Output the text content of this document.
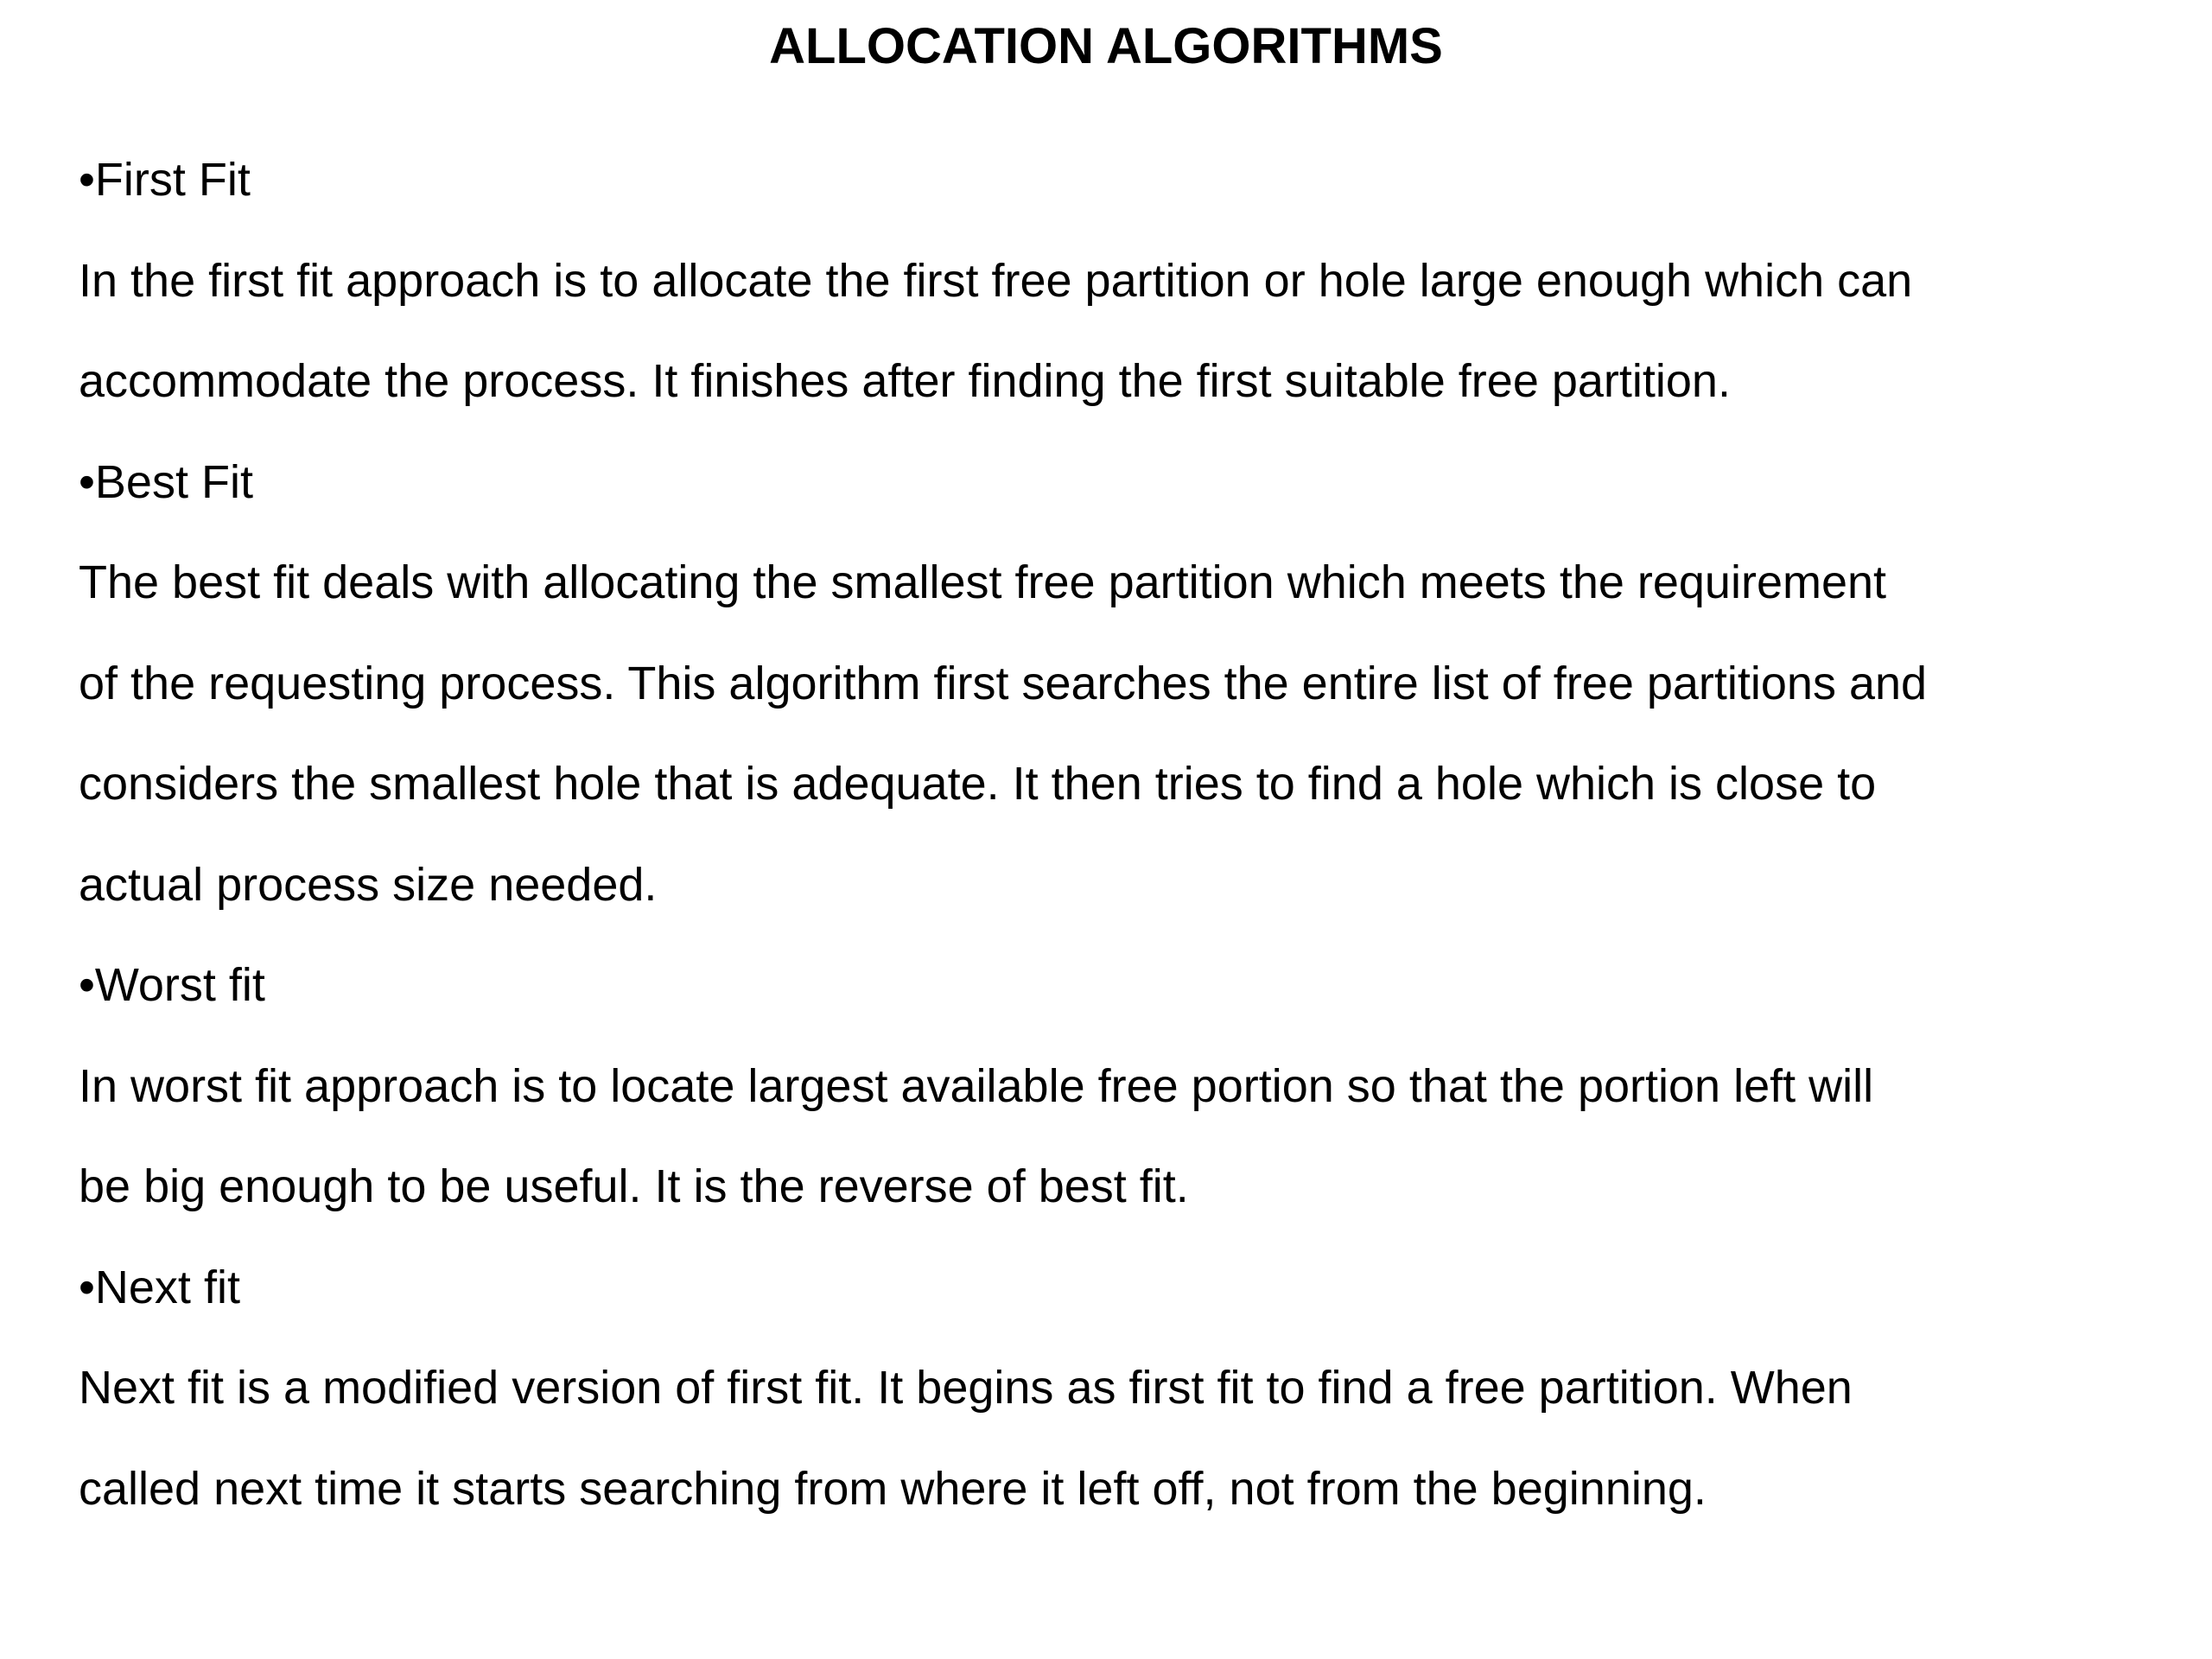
ALLOCATION ALGORITHMS
•First Fit
In the first fit approach is to allocate the first free partition or hole large enough which can
accommodate the process. It finishes after finding the first suitable free partition.
•Best Fit
The best fit deals with allocating the smallest free partition which meets the requirement
of the requesting process. This algorithm first searches the entire list of free partitions and
considers the smallest hole that is adequate. It then tries to find a hole which is close to
actual process size needed.
•Worst fit
In worst fit approach is to locate largest available free portion so that the portion left will
be big enough to be useful. It is the reverse of best fit.
•Next fit
Next fit is a modified version of first fit. It begins as first fit to find a free partition. When
called next time it starts searching from where it left off, not from the beginning.
